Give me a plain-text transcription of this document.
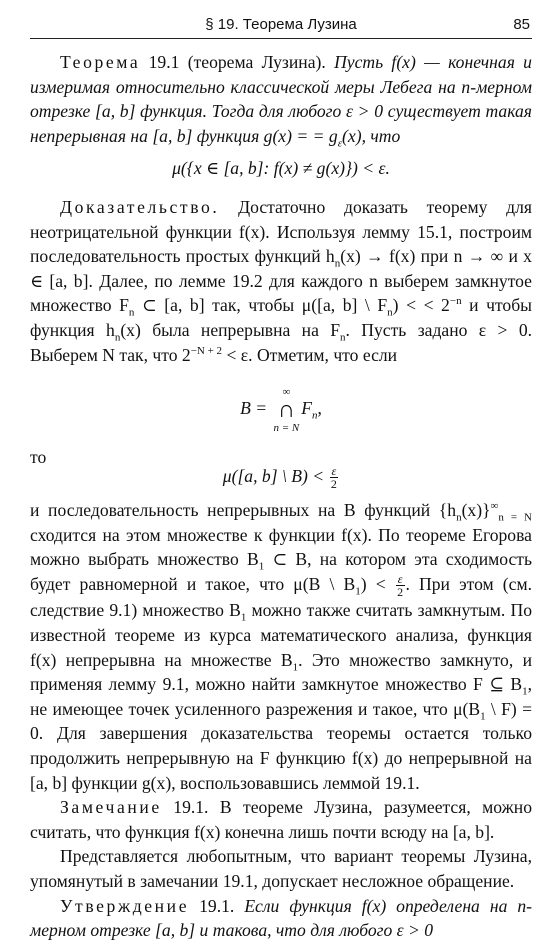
§ 19. Теорема Лузина	85

Теорема 19.1 (теорема Лузина). Пусть f(x) — конечная и измеримая относительно классической меры Лебега на n-мерном отрезке [a, b] функция. Тогда для любого ε > 0 существует такая непрерывная на [a, b] функция g(x) = = $g_\varepsilon(x)$, что

μ({x ∈ [a, b]: f(x) ≠ g(x)}) < ε.

Доказательство. Достаточно доказать теорему для неотрицательной функции f(x). Используя лемму 15.1, построим последовательность простых функций $h_n(x) \to f(x)$ при n → ∞ и x ∈ [a, b]. Далее, по лемме 19.2 для каждого n выберем замкнутое множество $F_n$ ⊂ [a, b] так, чтобы μ([a, b] \ $F_n$) < < $2^{-n}$ и чтобы функция $h_n(x)$ была непрерывна на $F_n$. Пусть задано ε > 0. Выберем N так, что $2^{-N + 2} < \varepsilon$. Отметим, что если

B =
∞
∩
n = N
$F_n$,

то

μ([a, b] \ $B) < \frac{\varepsilon}{2}$

и последовательность непрерывных на B функций $\{h_n(x)\}^\infty_{n = N}$ сходится на этом множестве к функции f(x). По теореме Егорова можно выбрать множество $B_1$ ⊂ B, на котором эта сходимость будет равномерной и такое, что μ(B \ $B_1) < \frac{\varepsilon}{2}$ . При этом (см. следствие 9.1) множество $B_1$ можно также считать замкнутым. По известной теореме из курса математического анализа, функция f(x) непрерывна на множестве $B_1$. Это множество замкнуто, и применяя лемму 9.1, можно найти замкнутое множество F ⊆ $B_1$, не имеющее точек усиленного разрежения и такое, что $\mu(B_1$ \ F) = 0. Для завершения доказательства теоремы остается только продолжить непрерывную на F функцию f(x) до непрерывной на [a, b] функции g(x), воспользовавшись леммой 19.1.

Замечание 19.1. В теореме Лузина, разумеется, можно считать, что функция f(x) конечна лишь почти всюду на [a, b].

Представляется любопытным, что вариант теоремы Лузина, упомянутый в замечании 19.1, допускает несложное обращение.

Утверждение 19.1. Если функция f(x) определена на n-мерном отрезке [a, b] и такова, что для любого ε > 0
